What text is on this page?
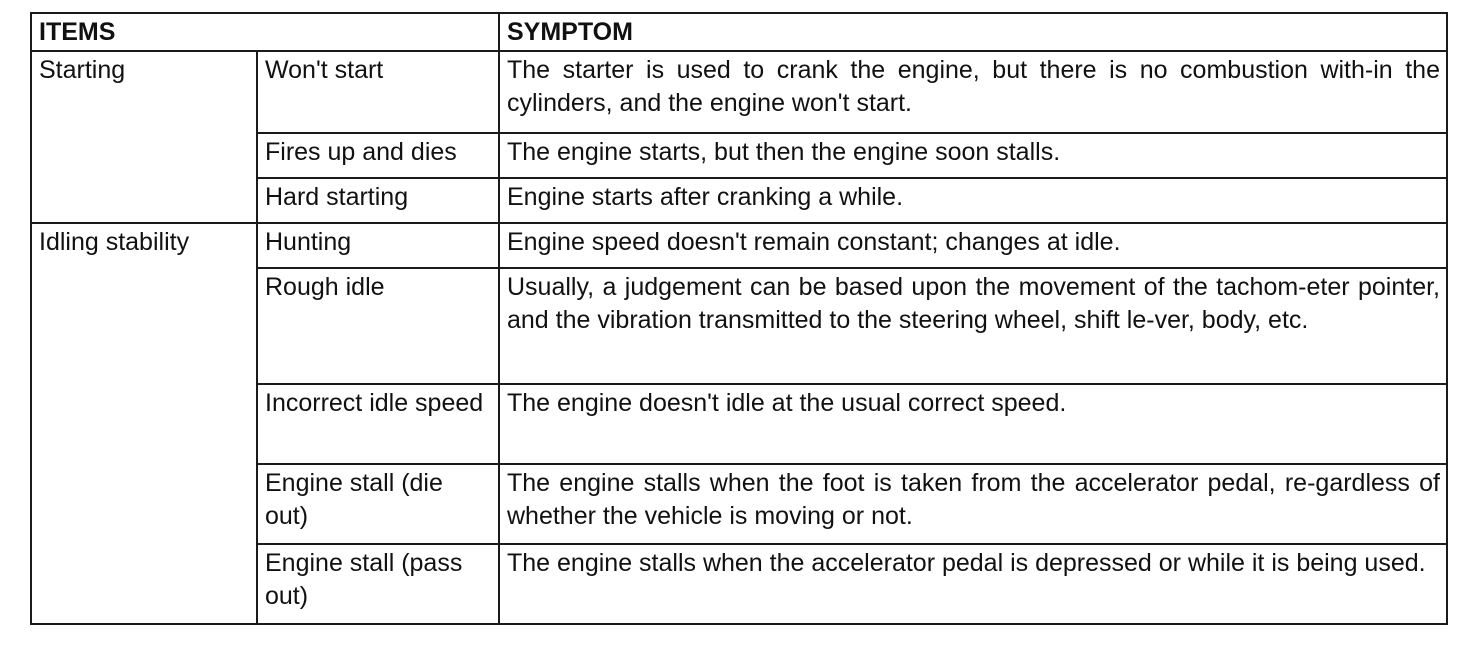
ITEMS		SYMPTOM
Starting	Won't start	The starter is used to crank the engine, but there is no combustion with-in the cylinders, and the engine won't start.
	Fires up and dies	The engine starts, but then the engine soon stalls.
	Hard starting	Engine starts after cranking a while.
Idling stability	Hunting	Engine speed doesn't remain constant; changes at idle.
	Rough idle	Usually, a judgement can be based upon the movement of the tachom-eter pointer, and the vibration transmitted to the steering wheel, shift le-ver, body, etc.
	Incorrect idle speed	The engine doesn't idle at the usual correct speed.
	Engine stall (die out)	The engine stalls when the foot is taken from the accelerator pedal, re-gardless of whether the vehicle is moving or not.
	Engine stall (pass out)	The engine stalls when the accelerator pedal is depressed or while it is being used.
